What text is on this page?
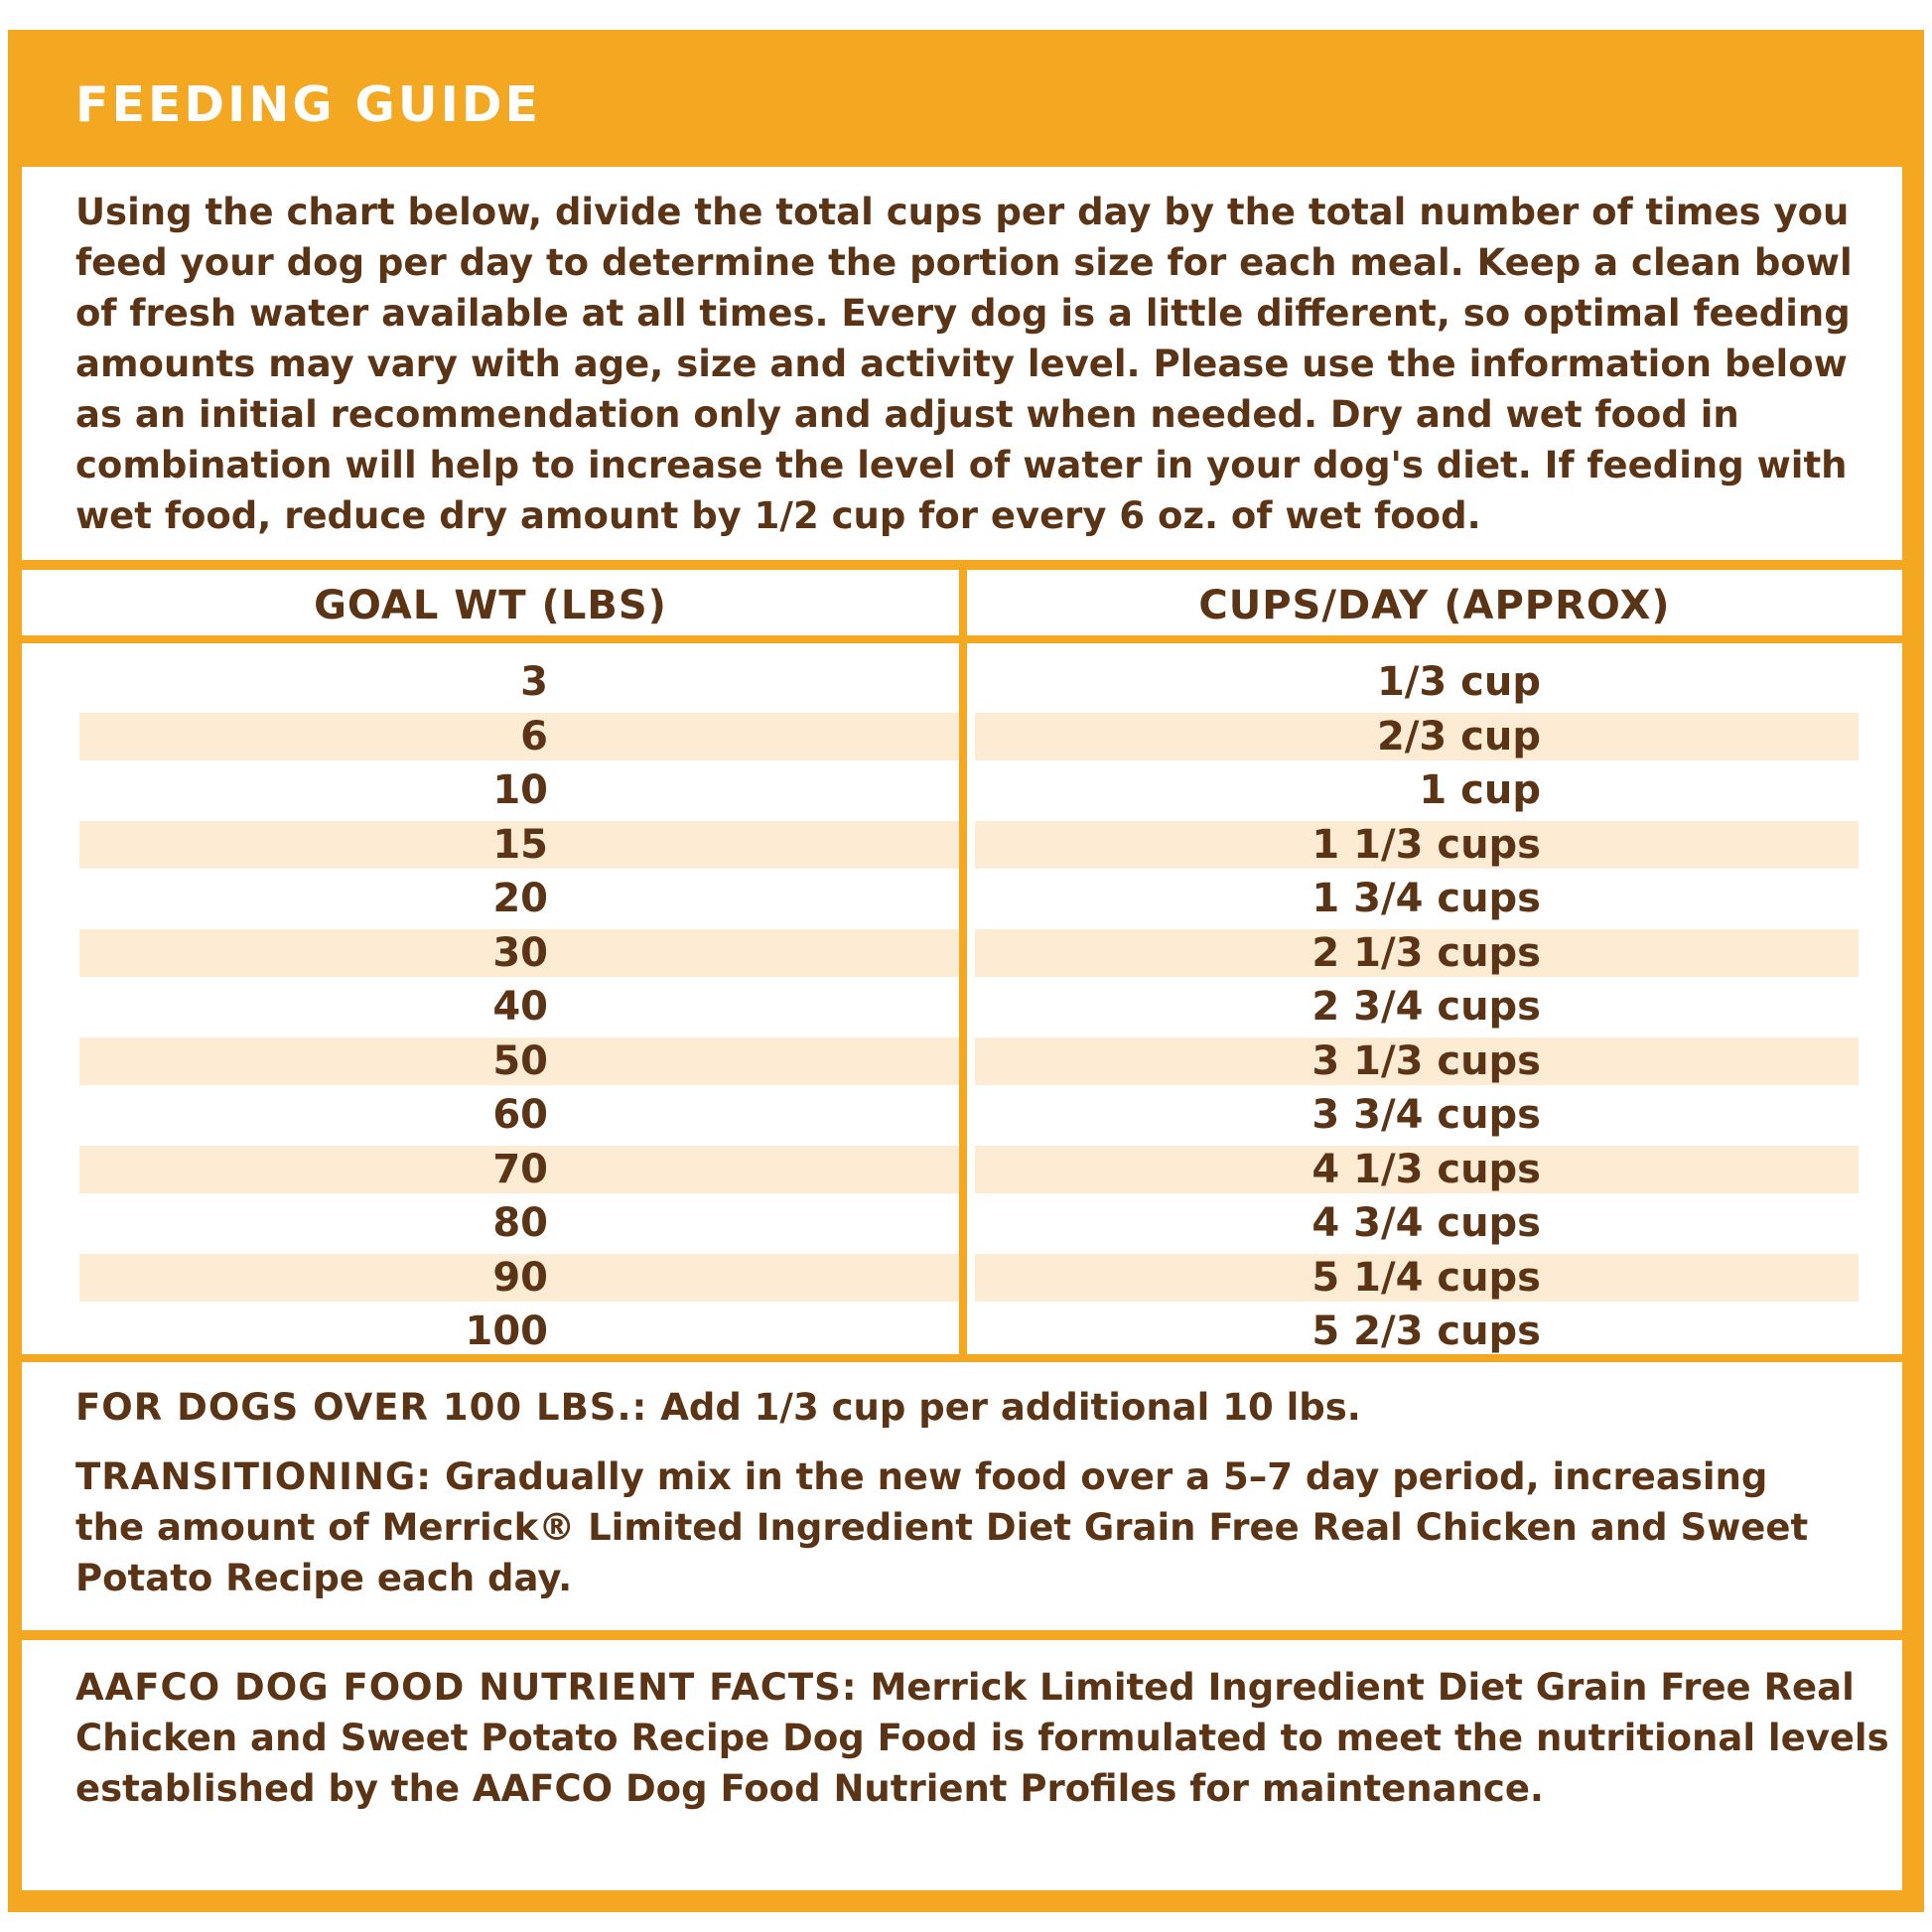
FEEDING GUIDE

Using the chart below, divide the total cups per day by the total number of times you feed your dog per day to determine the portion size for each meal. Keep a clean bowl of fresh water available at all times. Every dog is a little different, so optimal feeding amounts may vary with age, size and activity level. Please use the information below as an initial recommendation only and adjust when needed. Dry and wet food in combination will help to increase the level of water in your dog's diet. If feeding with wet food, reduce dry amount by 1/2 cup for every 6 oz. of wet food.

GOAL WT (LBS)	CUPS/DAY (APPROX)
3	1/3 cup
6	2/3 cup
10	1 cup
15	1 1/3 cups
20	1 3/4 cups
30	2 1/3 cups
40	2 3/4 cups
50	3 1/3 cups
60	3 3/4 cups
70	4 1/3 cups
80	4 3/4 cups
90	5 1/4 cups
100	5 2/3 cups

FOR DOGS OVER 100 LBS.: Add 1/3 cup per additional 10 lbs.

TRANSITIONING: Gradually mix in the new food over a 5–7 day period, increasing the amount of Merrick® Limited Ingredient Diet Grain Free Real Chicken and Sweet Potato Recipe each day.

AAFCO DOG FOOD NUTRIENT FACTS: Merrick Limited Ingredient Diet Grain Free Real Chicken and Sweet Potato Recipe Dog Food is formulated to meet the nutritional levels established by the AAFCO Dog Food Nutrient Profiles for maintenance.
